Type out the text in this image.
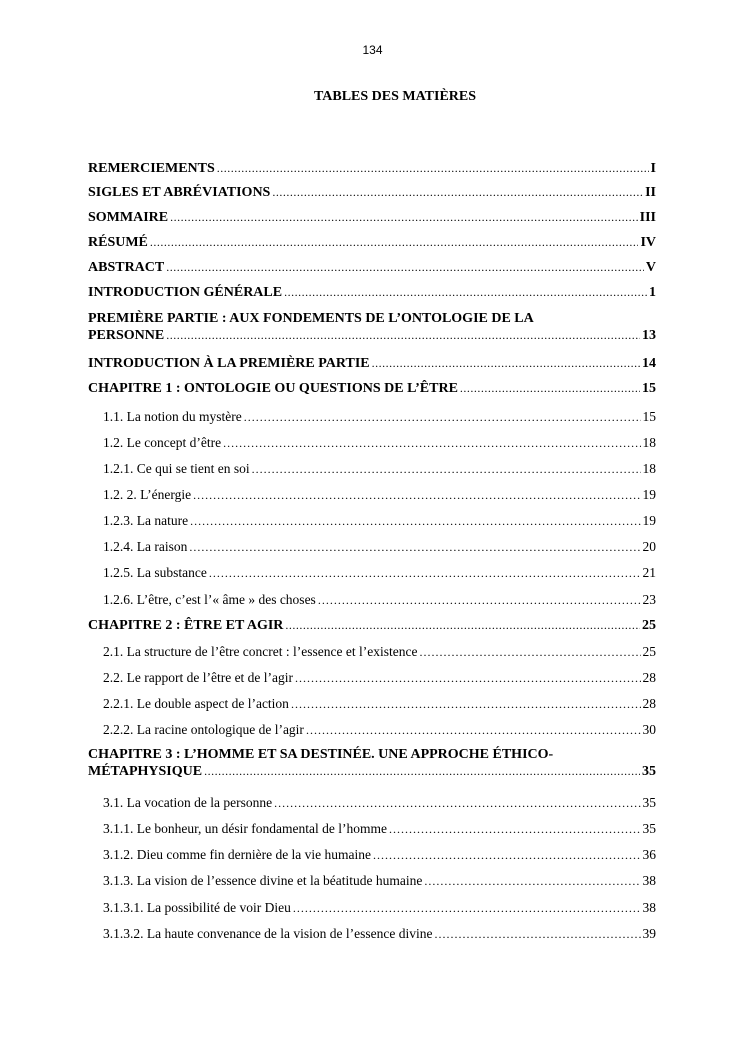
134
TABLES DES MATIÈRES
REMERCIEMENTS .....	I
SIGLES ET ABRÉVIATIONS .....	II
SOMMAIRE .....	III
RÉSUMÉ .....	IV
ABSTRACT .....	V
INTRODUCTION GÉNÉRALE .....	1
PREMIÈRE PARTIE : AUX FONDEMENTS DE L’ONTOLOGIE DE LA
PERSONNE .....	13
INTRODUCTION À LA PREMIÈRE PARTIE .....	14
CHAPITRE 1 : ONTOLOGIE OU QUESTIONS DE L’ÊTRE .....	15
1.1. La notion du mystère .....	15
1.2. Le concept d’être .....	18
1.2.1. Ce qui se tient en soi .....	18
1.2. 2. L’énergie .....	19
1.2.3. La nature .....	19
1.2.4. La raison .....	20
1.2.5. La substance .....	21
1.2.6. L’être, c’est l’« âme » des choses .....	23
CHAPITRE 2 : ÊTRE ET AGIR .....	25
2.1. La structure de l’être concret : l’essence et l’existence .....	25
2.2. Le rapport de l’être et de l’agir .....	28
2.2.1. Le double aspect de l’action .....	28
2.2.2. La racine ontologique de l’agir .....	30
CHAPITRE 3 : L’HOMME ET SA DESTINÉE. UNE APPROCHE ÉTHICO-
MÉTAPHYSIQUE .....	35
3.1. La vocation de la personne .....	35
3.1.1. Le bonheur, un désir fondamental de l’homme .....	35
3.1.2. Dieu comme fin dernière de la vie humaine .....	36
3.1.3. La vision de l’essence divine et la béatitude humaine .....	38
3.1.3.1. La possibilité de voir Dieu .....	38
3.1.3.2. La haute convenance de la vision de l’essence divine .....	39
